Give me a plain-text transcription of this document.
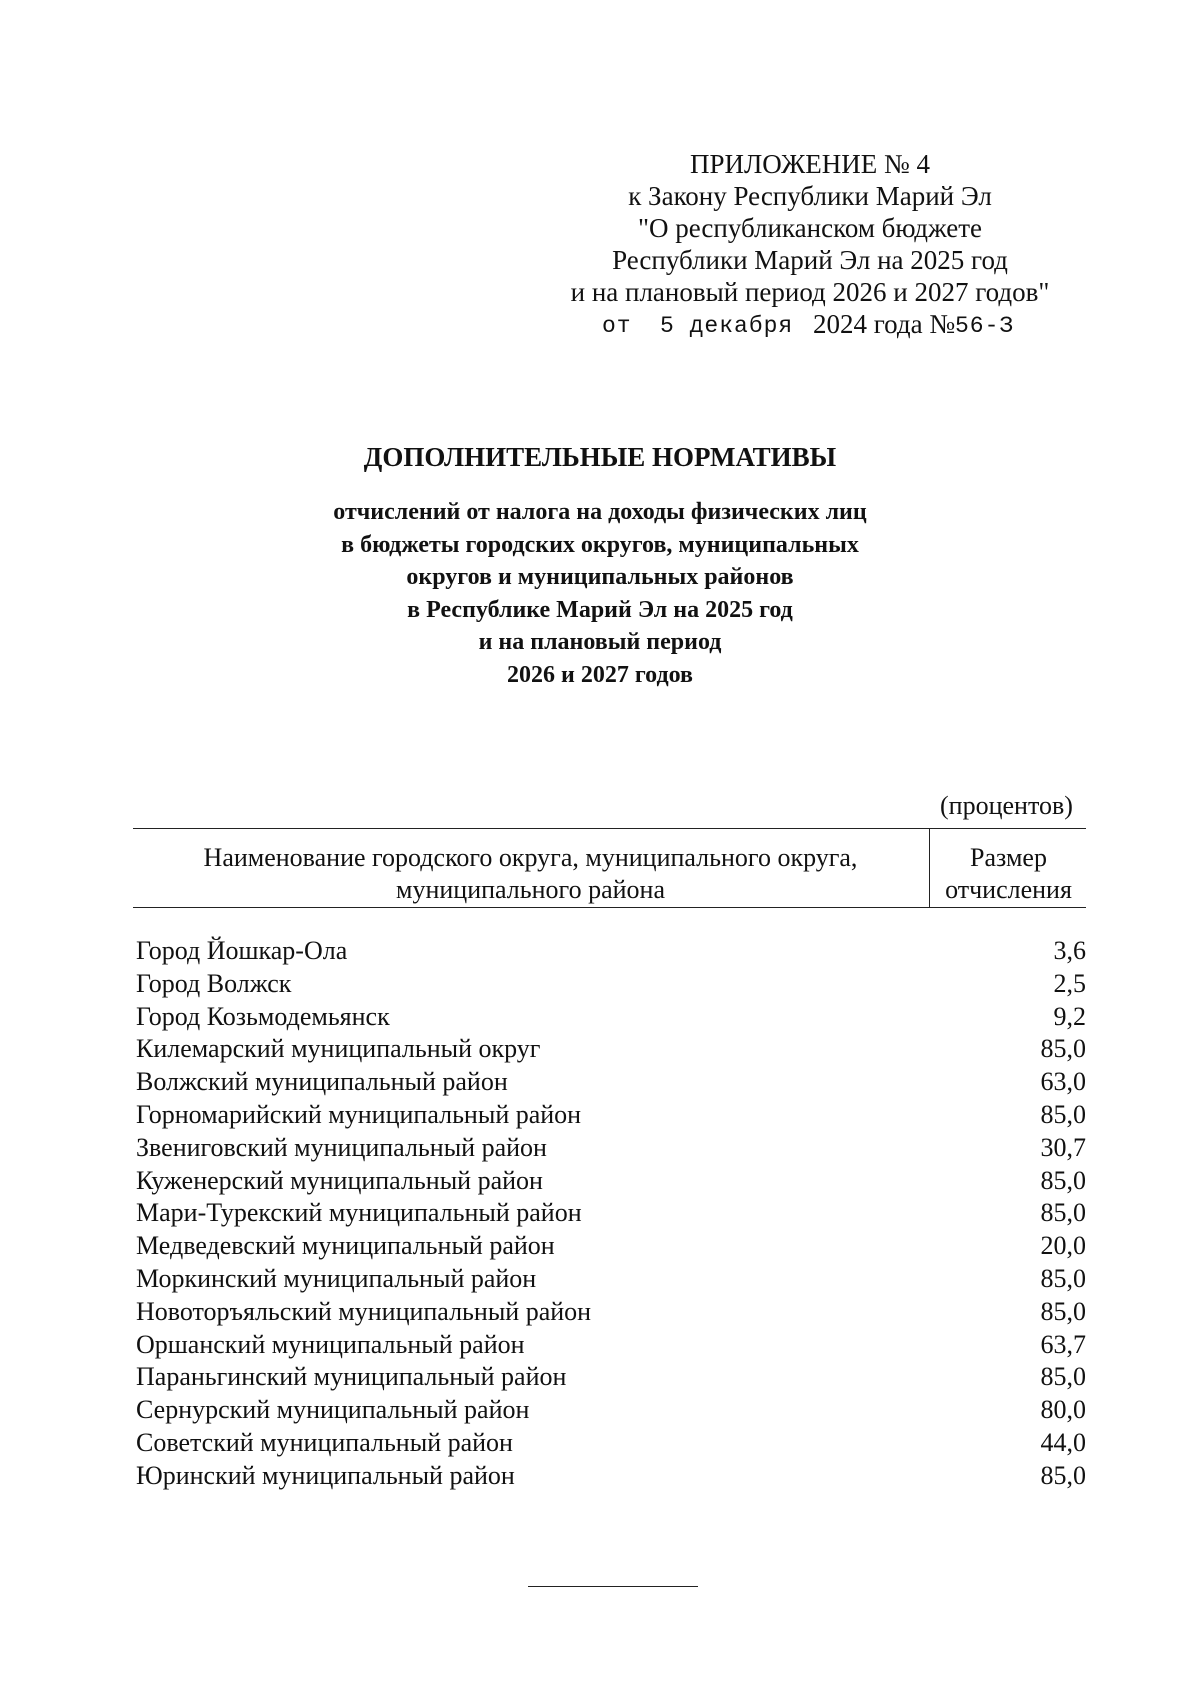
ПРИЛОЖЕНИЕ № 4
к Закону Республики Марий Эл
"О республиканском бюджете
Республики Марий Эл на 2025 год
и на плановый период 2026 и 2027 годов"
от 5 декабря 2024 года № 56-З
ДОПОЛНИТЕЛЬНЫЕ НОРМАТИВЫ
отчислений от налога на доходы физических лиц
в бюджеты городских округов, муниципальных
округов и муниципальных районов
в Республике Марий Эл на 2025 год
и на плановый период
2026 и 2027 годов
(процентов)
Наименование городского округа, муниципального округа,
муниципального района
Размер
отчисления
Город Йошкар-Ола	3,6
Город Волжск	2,5
Город Козьмодемьянск	9,2
Килемарский муниципальный округ	85,0
Волжский муниципальный район	63,0
Горномарийский муниципальный район	85,0
Звениговский муниципальный район	30,7
Куженерский муниципальный район	85,0
Мари-Турекский муниципальный район	85,0
Медведевский муниципальный район	20,0
Моркинский муниципальный район	85,0
Новоторъяльский муниципальный район	85,0
Оршанский муниципальный район	63,7
Параньгинский муниципальный район	85,0
Сернурский муниципальный район	80,0
Советский муниципальный район	44,0
Юринский муниципальный район	85,0
